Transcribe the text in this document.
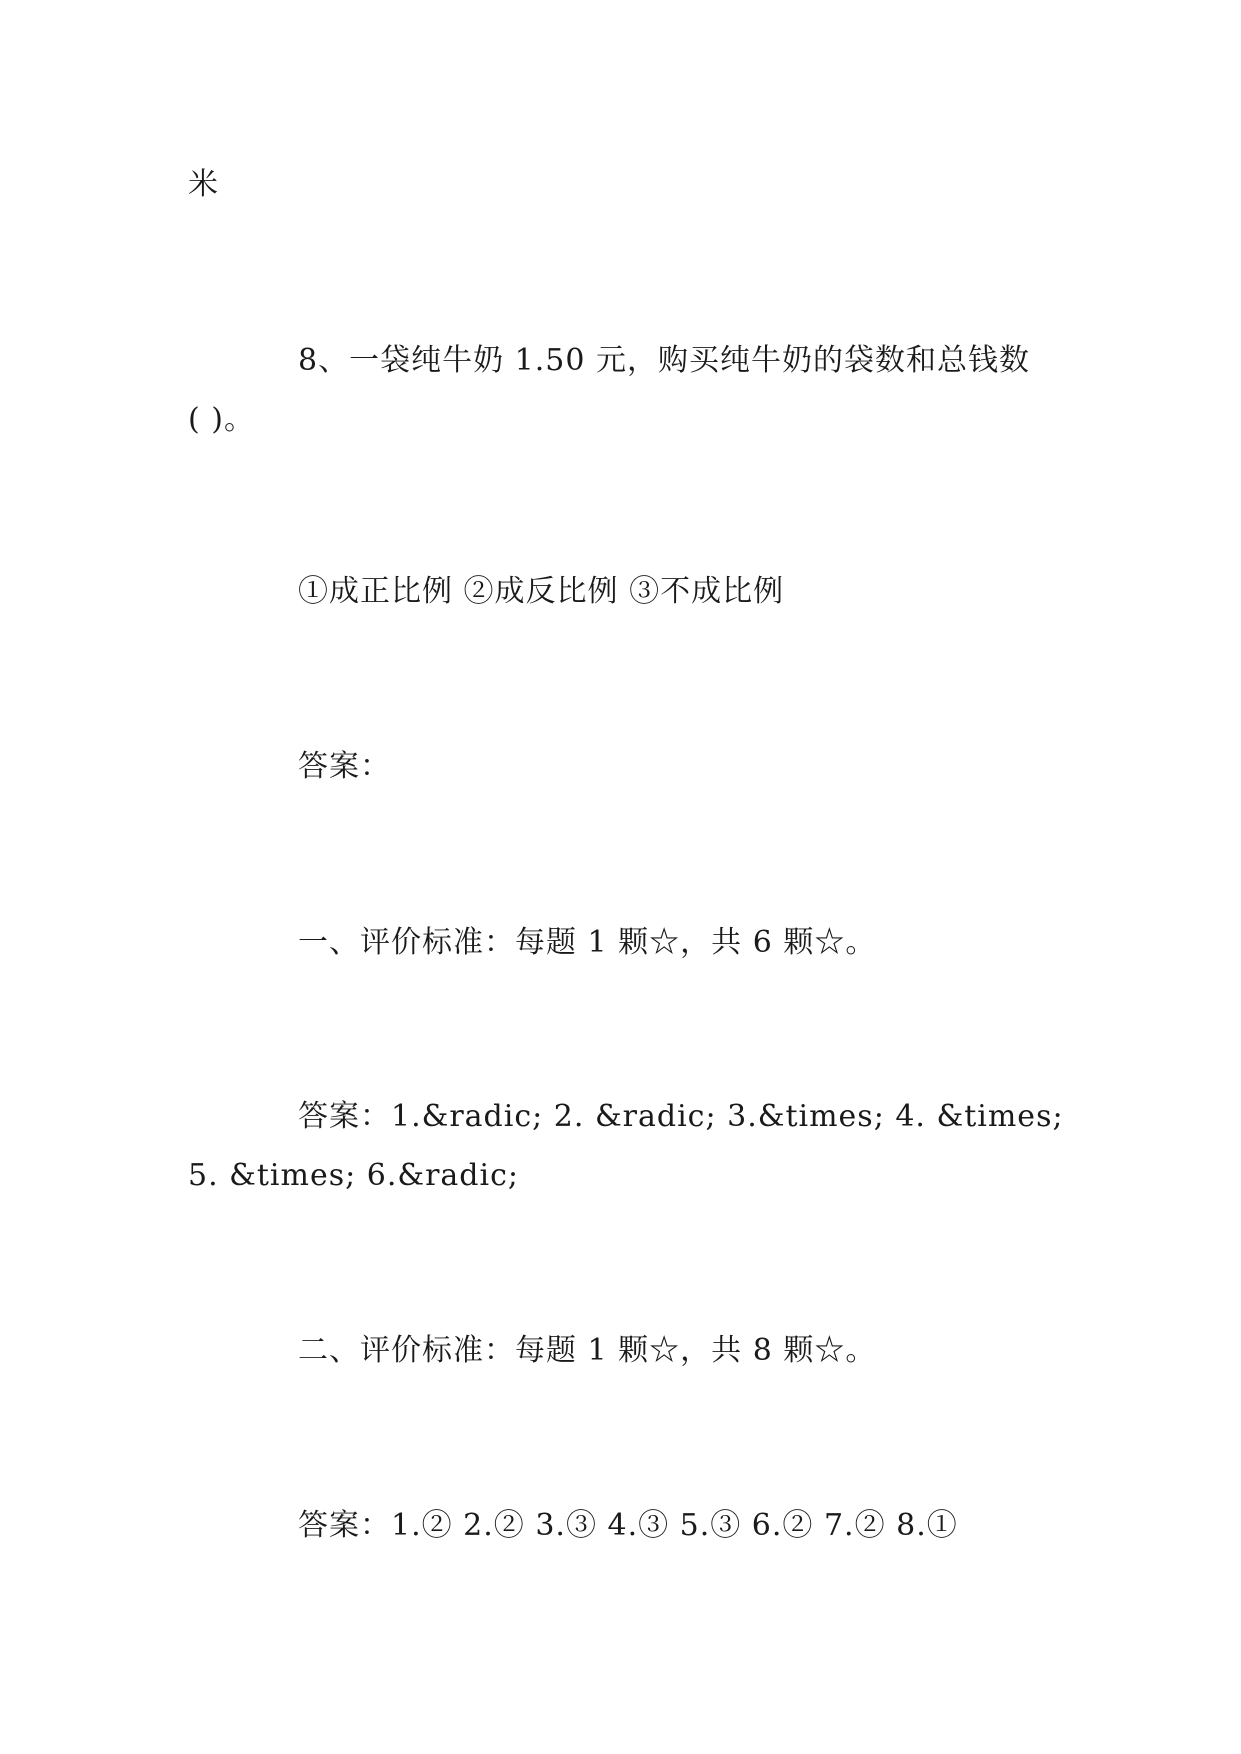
米
8、一袋纯牛奶 1.50 元，购买纯牛奶的袋数和总钱数
( )。
①成正比例 ②成反比例 ③不成比例
答案：
一、评价标准：每题 1 颗☆，共 6 颗☆。
答案：1.&radic; 2. &radic; 3.&times; 4. &times;
5. &times; 6.&radic;
二、评价标准：每题 1 颗☆，共 8 颗☆。
答案：1.② 2.② 3.③ 4.③ 5.③ 6.② 7.② 8.①
